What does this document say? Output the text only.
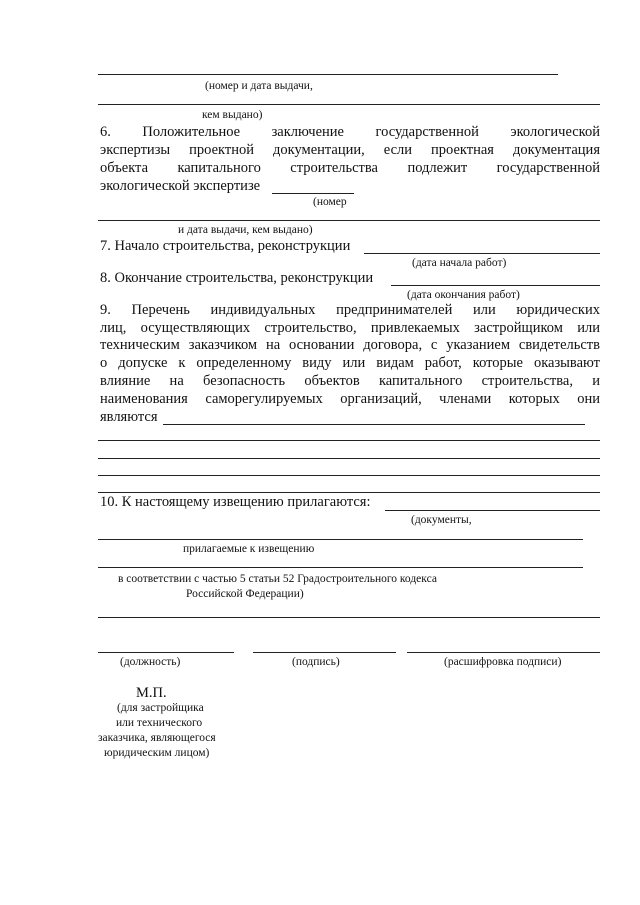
(номер и дата выдачи,
кем выдано)
6. Положительное заключение государственной экологической
экспертизы проектной документации, если проектная документация
объекта капитального строительства подлежит государственной
экологической экспертизе
(номер
и дата выдачи, кем выдано)
7. Начало строительства, реконструкции
(дата начала работ)
8. Окончание строительства, реконструкции
(дата окончания работ)
9. Перечень индивидуальных предпринимателей или юридических
лиц, осуществляющих строительство, привлекаемых застройщиком или
техническим заказчиком на основании договора, с указанием свидетельств
о допуске к определенному виду или видам работ, которые оказывают
влияние на безопасность объектов капитального строительства, и
наименования саморегулируемых организаций, членами которых они
являются
10. К настоящему извещению прилагаются:
(документы,
прилагаемые к извещению
в соответствии с частью 5 статьи 52 Градостроительного кодекса
Российской Федерации)
(должность)	(подпись)	(расшифровка подписи)
М.П.
(для застройщика
или технического
заказчика, являющегося
юридическим лицом)
